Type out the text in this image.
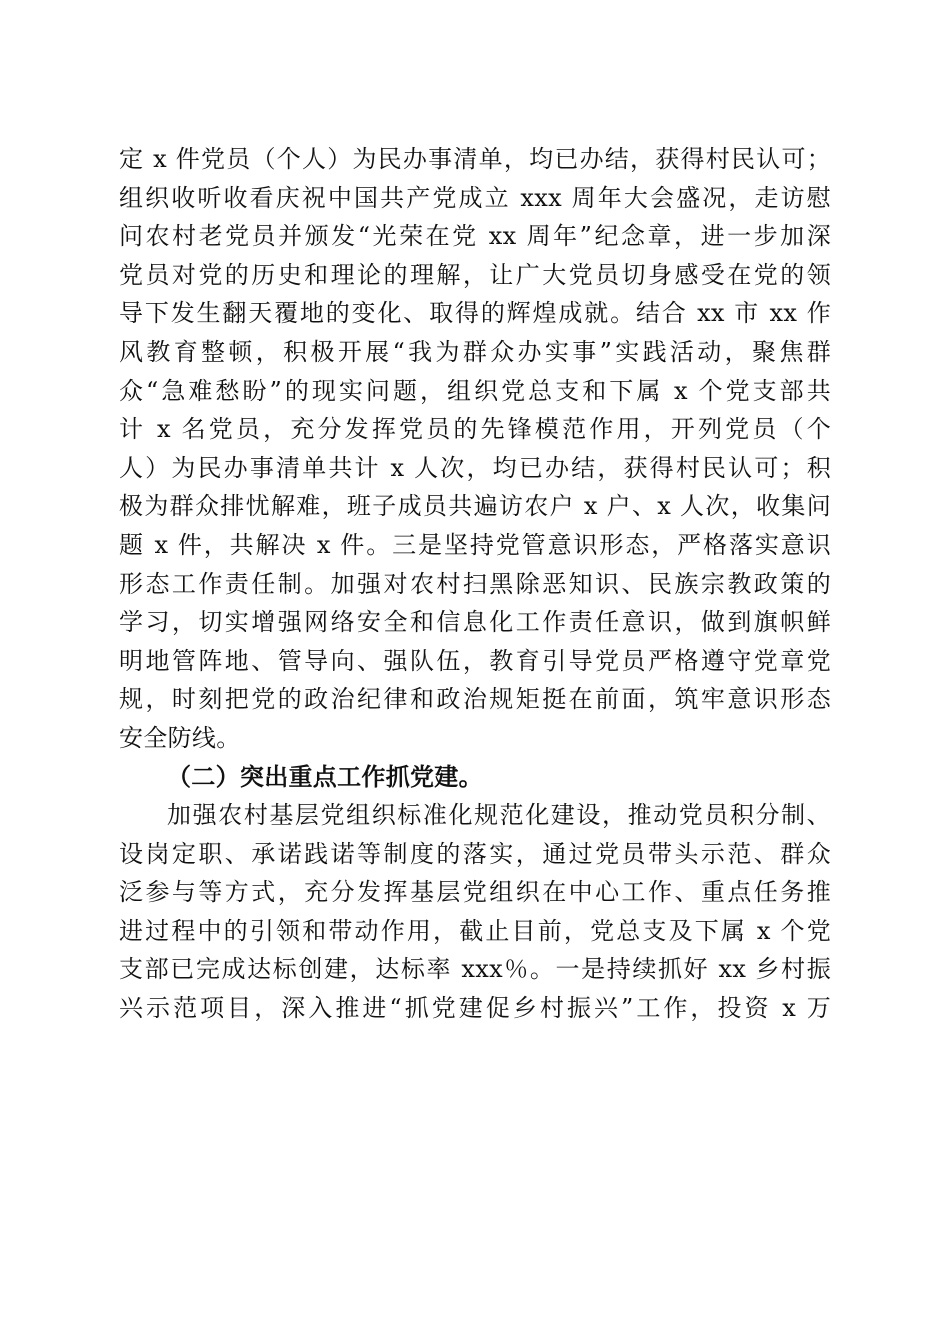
定 x 件党员（个人）为民办事清单，均已办结，获得村民认可；
组织收听收看庆祝中国共产党成立 xxx 周年大会盛况，走访慰
问农村老党员并颁发“光荣在党 xx 周年”纪念章，进一步加深
党员对党的历史和理论的理解，让广大党员切身感受在党的领
导下发生翻天覆地的变化、取得的辉煌成就。结合 xx 市 xx 作
风教育整顿，积极开展“我为群众办实事”实践活动，聚焦群
众“急难愁盼”的现实问题，组织党总支和下属 x 个党支部共
计 x 名党员，充分发挥党员的先锋模范作用，开列党员（个
人）为民办事清单共计 x 人次，均已办结，获得村民认可；积
极为群众排忧解难，班子成员共遍访农户 x 户、x 人次，收集问
题 x 件，共解决 x 件。三是坚持党管意识形态，严格落实意识
形态工作责任制。加强对农村扫黑除恶知识、民族宗教政策的
学习，切实增强网络安全和信息化工作责任意识，做到旗帜鲜
明地管阵地、管导向、强队伍，教育引导党员严格遵守党章党
规，时刻把党的政治纪律和政治规矩挺在前面，筑牢意识形态
安全防线。
（二）突出重点工作抓党建。
加强农村基层党组织标准化规范化建设，推动党员积分制、
设岗定职、承诺践诺等制度的落实，通过党员带头示范、群众
泛参与等方式，充分发挥基层党组织在中心工作、重点任务推
进过程中的引领和带动作用，截止目前，党总支及下属 x 个党
支部已完成达标创建，达标率 xxx％。一是持续抓好 xx 乡村振
兴示范项目，深入推进“抓党建促乡村振兴”工作，投资 x 万
